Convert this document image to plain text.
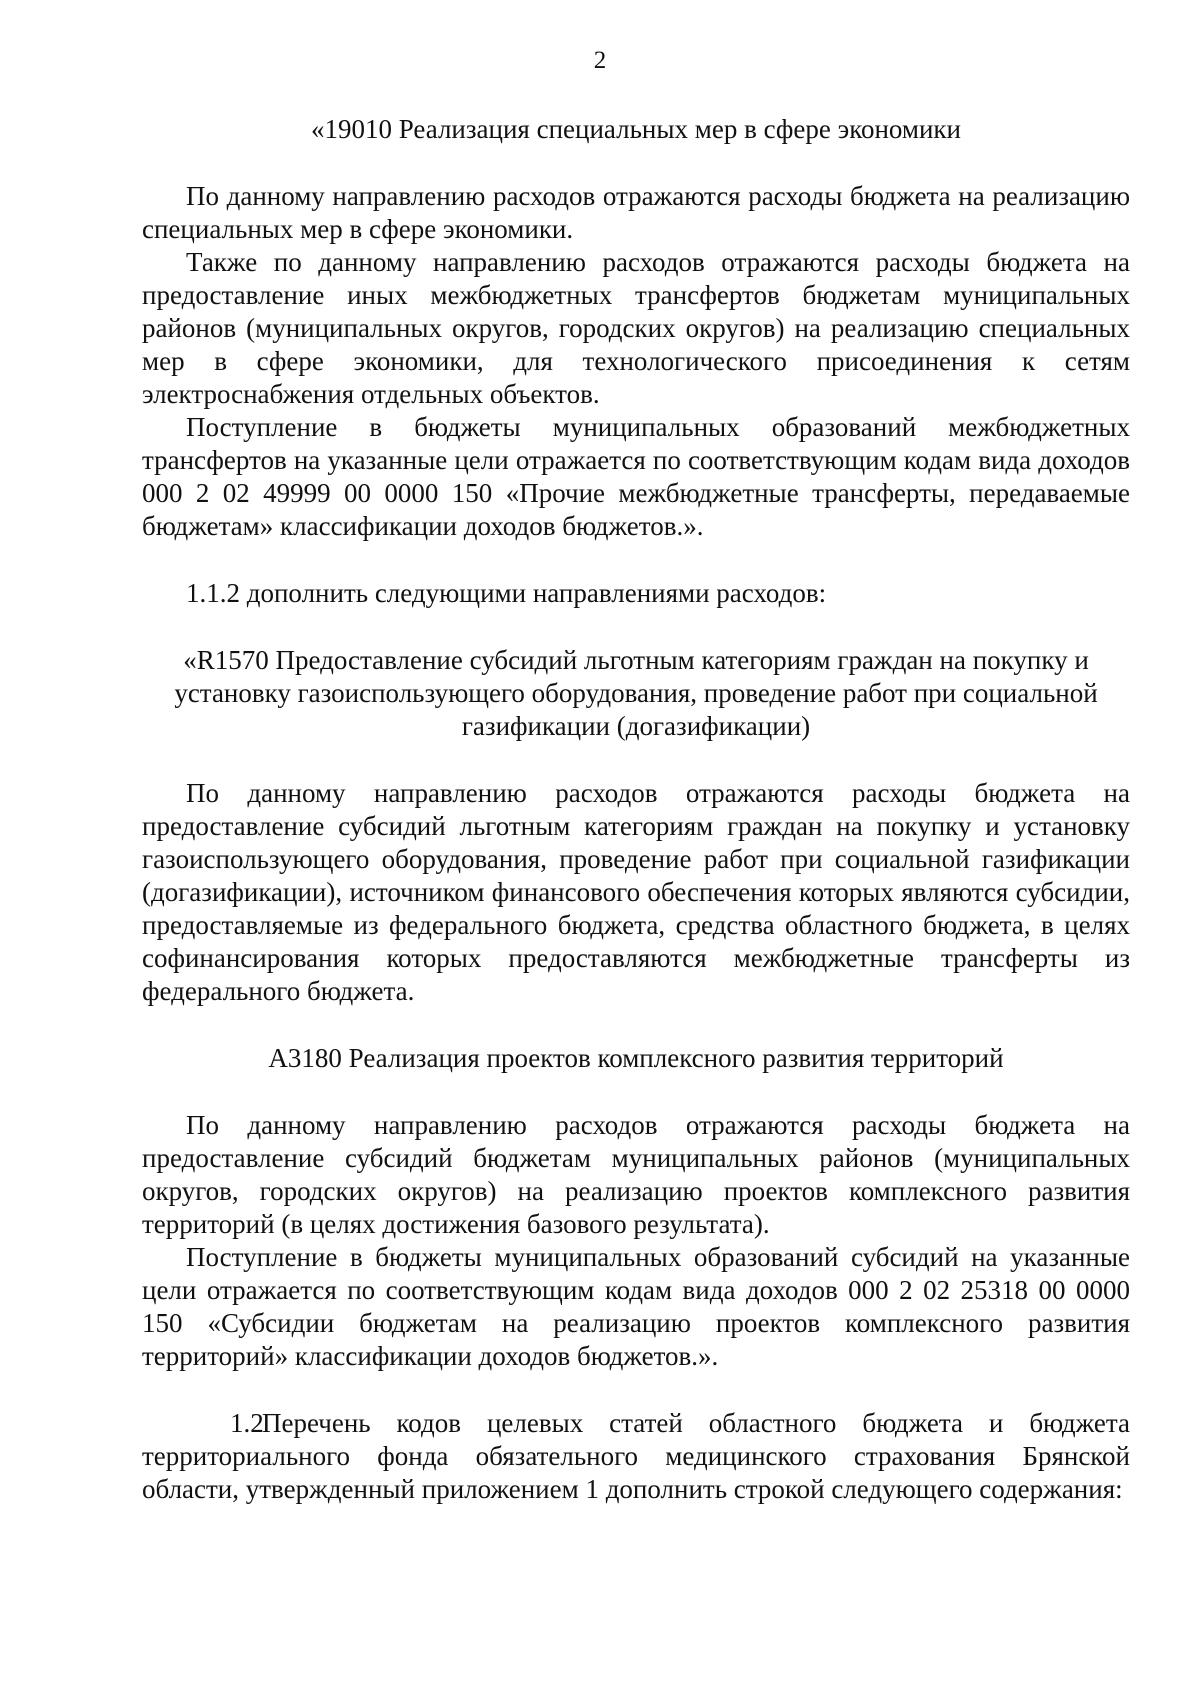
2

«19010 Реализация специальных мер в сфере экономики

По данному направлению расходов отражаются расходы бюджета на реализацию специальных мер в сфере экономики.

Также по данному направлению расходов отражаются расходы бюджета на предоставление иных межбюджетных трансфертов бюджетам муниципальных районов (муниципальных округов, городских округов) на реализацию специальных мер в сфере экономики, для технологического присоединения к сетям электроснабжения отдельных объектов.

Поступление в бюджеты муниципальных образований межбюджетных трансфертов на указанные цели отражается по соответствующим кодам вида доходов 000 2 02 49999 00 0000 150 «Прочие межбюджетные трансферты, передаваемые бюджетам» классификации доходов бюджетов.».

1.1.2 дополнить следующими направлениями расходов:

«R1570 Предоставление субсидий льготным категориям граждан на покупку и установку газоиспользующего оборудования, проведение работ при социальной газификации (догазификации)

По данному направлению расходов отражаются расходы бюджета на предоставление субсидий льготным категориям граждан на покупку и установку газоиспользующего оборудования, проведение работ при социальной газификации (догазификации), источником финансового обеспечения которых являются субсидии, предоставляемые из федерального бюджета, средства областного бюджета, в целях софинансирования которых предоставляются межбюджетные трансферты из федерального бюджета.

А3180 Реализация проектов комплексного развития территорий

По данному направлению расходов отражаются расходы бюджета на предоставление субсидий бюджетам муниципальных районов (муниципальных округов, городских округов) на реализацию проектов комплексного развития территорий (в целях достижения базового результата).

Поступление в бюджеты муниципальных образований субсидий на указанные цели отражается по соответствующим кодам вида доходов 000 2 02 25318 00 0000 150 «Субсидии бюджетам на реализацию проектов комплексного развития территорий» классификации доходов бюджетов.».

1.2Перечень кодов целевых статей областного бюджета и бюджета территориального фонда обязательного медицинского страхования Брянской области, утвержденный приложением 1 дополнить строкой следующего содержания:
